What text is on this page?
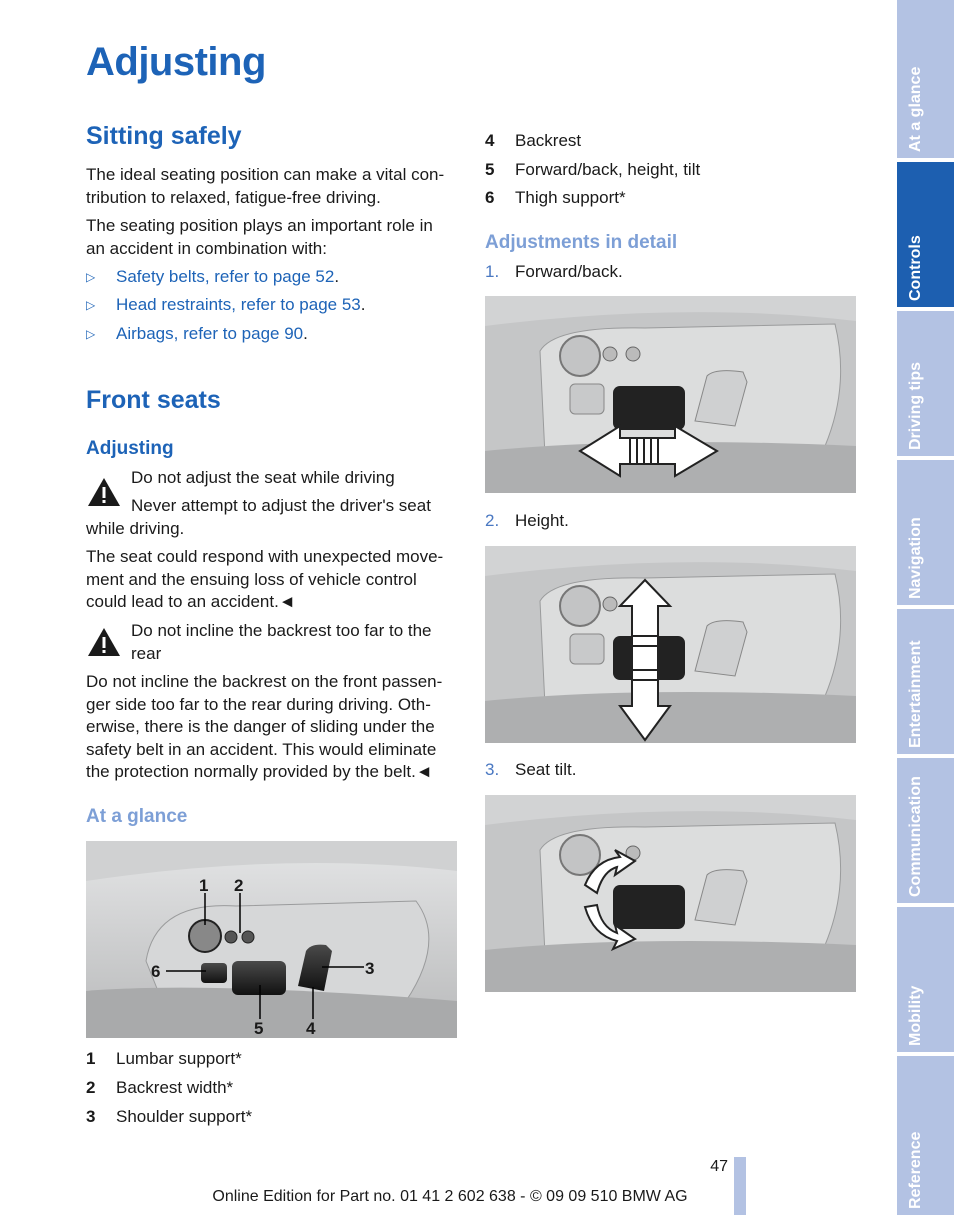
Adjusting
Sitting safely
The ideal seating position can make a vital con-
tribution to relaxed, fatigue-free driving.
The seating position plays an important role in
an accident in combination with:
▷ Safety belts, refer to page 52.
▷ Head restraints, refer to page 53.
▷ Airbags, refer to page 90.
Front seats
Adjusting
Do not adjust the seat while driving
Never attempt to adjust the driver's seat
while driving.
The seat could respond with unexpected move-
ment and the ensuing loss of vehicle control
could lead to an accident.◄
Do not incline the backrest too far to the
rear
Do not incline the backrest on the front passen-
ger side too far to the rear during driving. Oth-
erwise, there is the danger of sliding under the
safety belt in an accident. This would eliminate
the protection normally provided by the belt.◄
At a glance
1 2
3
4
5
6
1 Lumbar support*
2 Backrest width*
3 Shoulder support*
4 Backrest
5 Forward/back, height, tilt
6 Thigh support*
Adjustments in detail
1. Forward/back.
2. Height.
3. Seat tilt.
At a glance
Controls
Driving tips
Navigation
Entertainment
Communication
Mobility
Reference
47
Online Edition for Part no. 01 41 2 602 638 - © 09 09 510 BMW AG
